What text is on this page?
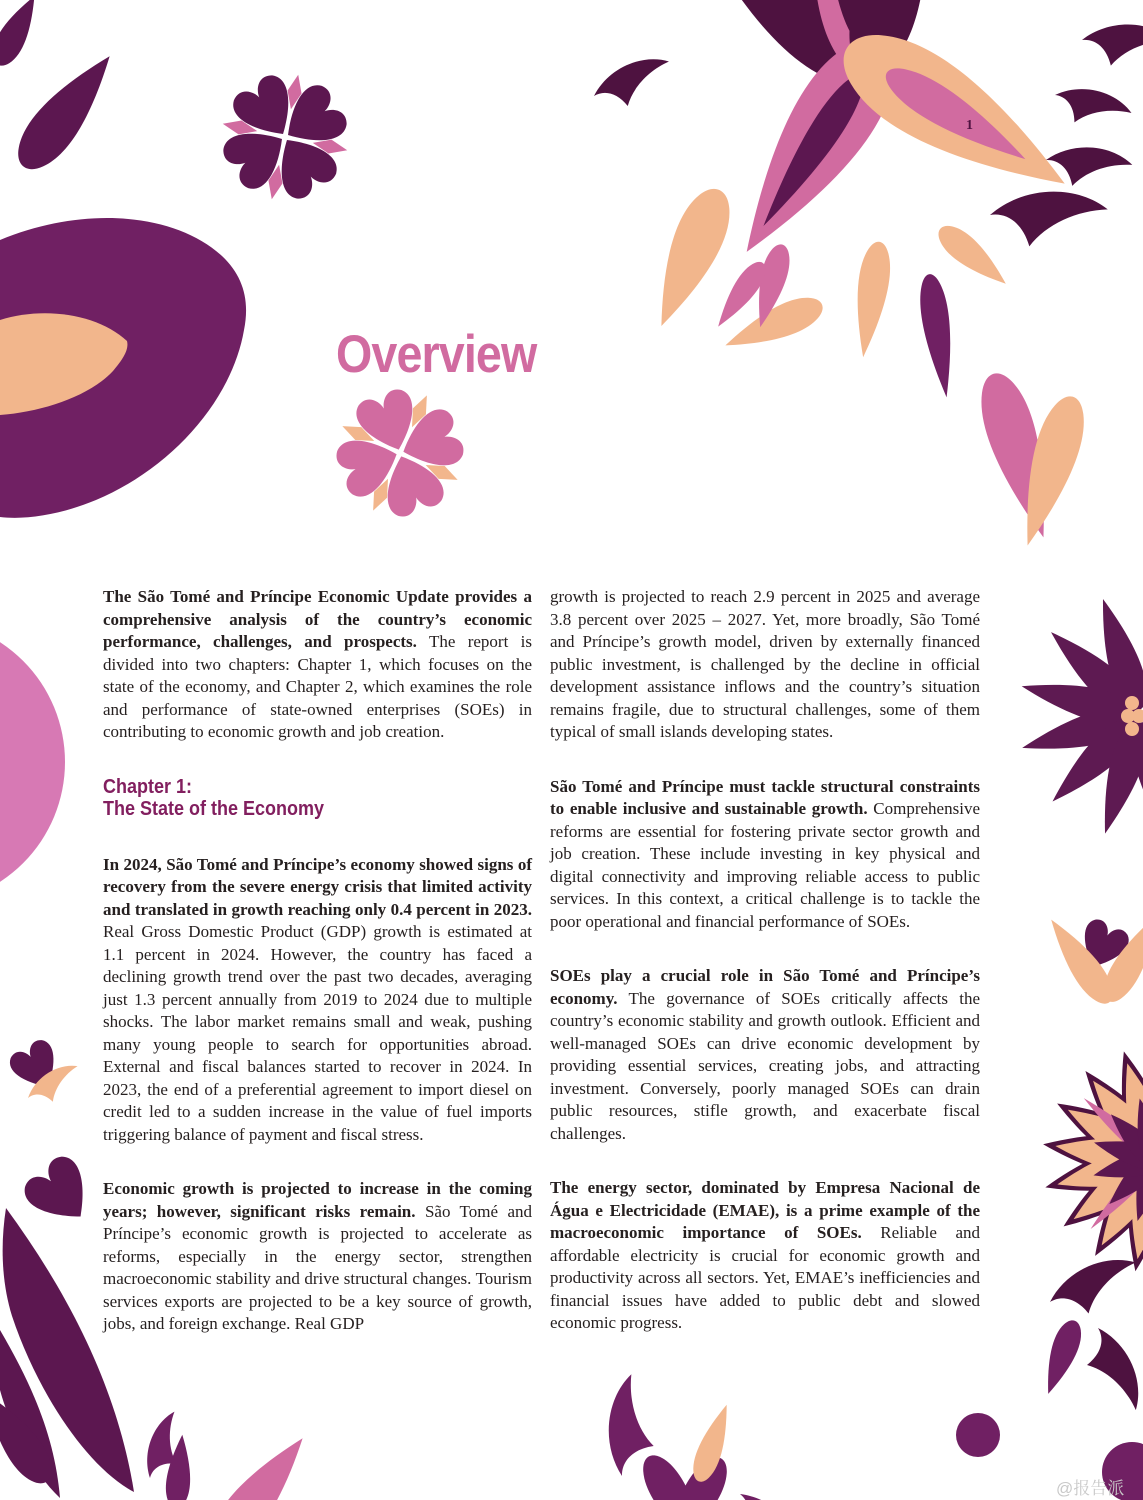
1
Overview

The São Tomé and Príncipe Economic Update provides a comprehensive analysis of the country’s economic performance, challenges, and prospects. The report is divided into two chapters: Chapter 1, which focuses on the state of the economy, and Chapter 2, which examines the role and performance of state-owned enterprises (SOEs) in contributing to economic growth and job creation.

Chapter 1:
The State of the Economy

In 2024, São Tomé and Príncipe’s economy showed signs of recovery from the severe energy crisis that limited activity and translated in growth reaching only 0.4 percent in 2023. Real Gross Domestic Product (GDP) growth is estimated at 1.1 percent in 2024. However, the country has faced a declining growth trend over the past two decades, averaging just 1.3 percent annually from 2019 to 2024 due to multiple shocks. The labor market remains small and weak, pushing many young people to search for opportunities abroad. External and fiscal balances started to recover in 2024. In 2023, the end of a preferential agreement to import diesel on credit led to a sudden increase in the value of fuel imports triggering balance of payment and fiscal stress.

Economic growth is projected to increase in the coming years; however, significant risks remain. São Tomé and Príncipe’s economic growth is projected to accelerate as reforms, especially in the energy sector, strengthen macroeconomic stability and drive structural changes. Tourism services exports are projected to be a key source of growth, jobs, and foreign exchange. Real GDP

growth is projected to reach 2.9 percent in 2025 and average 3.8 percent over 2025 – 2027. Yet, more broadly, São Tomé and Príncipe’s growth model, driven by externally financed public investment, is challenged by the decline in official development assistance inflows and the country’s situation remains fragile, due to structural challenges, some of them typical of small islands developing states.

São Tomé and Príncipe must tackle structural constraints to enable inclusive and sustainable growth. Comprehensive reforms are essential for fostering private sector growth and job creation. These include investing in key physical and digital connectivity and improving reliable access to public services. In this context, a critical challenge is to tackle the poor operational and financial performance of SOEs.

SOEs play a crucial role in São Tomé and Príncipe’s economy. The governance of SOEs critically affects the country’s economic stability and growth outlook. Efficient and well-managed SOEs can drive economic development by providing essential services, creating jobs, and attracting investment. Conversely, poorly managed SOEs can drain public resources, stifle growth, and exacerbate fiscal challenges.

The energy sector, dominated by Empresa Nacional de Água e Electricidade (EMAE), is a prime example of the macroeconomic importance of SOEs. Reliable and affordable electricity is crucial for economic growth and productivity across all sectors. Yet, EMAE’s inefficiencies and financial issues have added to public debt and slowed economic progress.

@报告派
